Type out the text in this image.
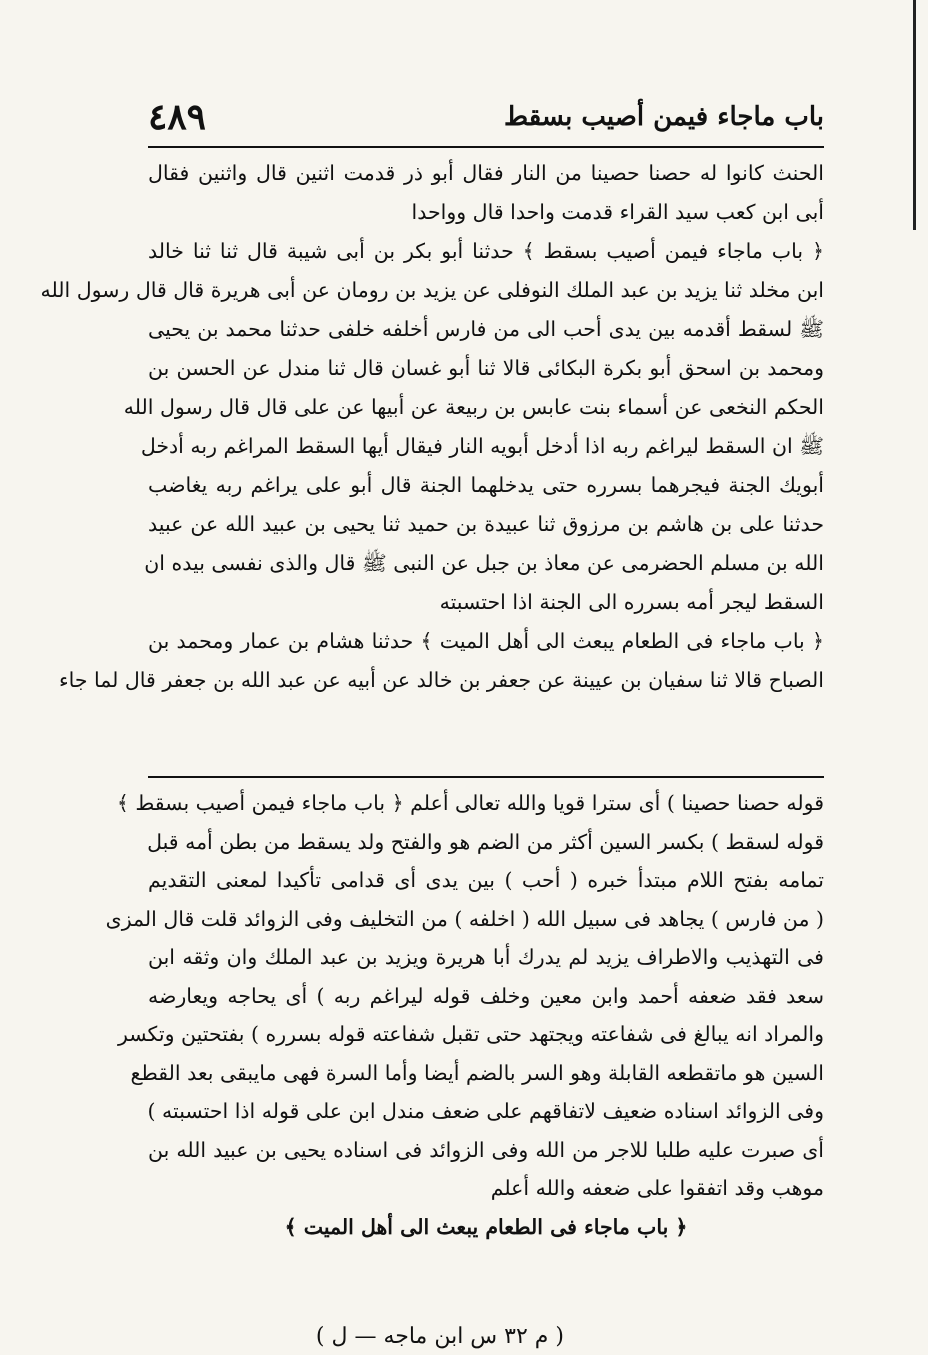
باب ماجاء فيمن أصيب بسقط
٤٨٩
الحنث كانوا له حصنا حصينا من النار فقال أبو ذر قدمت اثنين قال واثنين فقال
أبى ابن كعب سيد القراء قدمت واحدا قال وواحدا
﴿ باب ماجاء فيمن أصيب بسقط ﴾ حدثنا أبو بكر بن أبى شيبة قال ثنا ثنا خالد
ابن مخلد ثنا يزيد بن عبد الملك النوفلى عن يزيد بن رومان عن أبى هريرة قال قال رسول الله
ﷺ لسقط أقدمه بين يدى أحب الى من فارس أخلفه خلفى حدثنا محمد بن يحيى
ومحمد بن اسحق أبو بكرة البكائى قالا ثنا أبو غسان قال ثنا مندل عن الحسن بن
الحكم النخعى عن أسماء بنت عابس بن ربيعة عن أبيها عن على قال قال رسول الله
ﷺ ان السقط ليراغم ربه اذا أدخل أبويه النار فيقال أيها السقط المراغم ربه أدخل
أبويك الجنة فيجرهما بسرره حتى يدخلهما الجنة قال أبو على يراغم ربه يغاضب
حدثنا على بن هاشم بن مرزوق ثنا عبيدة بن حميد ثنا يحيى بن عبيد الله عن عبيد
الله بن مسلم الحضرمى عن معاذ بن جبل عن النبى ﷺ قال والذى نفسى بيده ان
السقط ليجر أمه بسرره الى الجنة اذا احتسبته
﴿ باب ماجاء فى الطعام يبعث الى أهل الميت ﴾ حدثنا هشام بن عمار ومحمد بن
الصباح قالا ثنا سفيان بن عيينة عن جعفر بن خالد عن أبيه عن عبد الله بن جعفر قال لما جاء
قوله حصنا حصينا ) أى سترا قويا والله تعالى أعلم ﴿ باب ماجاء فيمن أصيب بسقط ﴾
قوله لسقط ) بكسر السين أكثر من الضم هو والفتح ولد يسقط من بطن أمه قبل
تمامه بفتح اللام مبتدأ خبره ( أحب ) بين يدى أى قدامى تأكيدا لمعنى التقديم
( من فارس ) يجاهد فى سبيل الله ( اخلفه ) من التخليف وفى الزوائد قلت قال المزى
فى التهذيب والاطراف يزيد لم يدرك أبا هريرة ويزيد بن عبد الملك وان وثقه ابن
سعد فقد ضعفه أحمد وابن معين وخلف قوله ليراغم ربه ) أى يحاجه ويعارضه
والمراد انه يبالغ فى شفاعته ويجتهد حتى تقبل شفاعته قوله بسرره ) بفتحتين وتكسر
السين هو ماتقطعه القابلة وهو السر بالضم أيضا وأما السرة فهى مايبقى بعد القطع
وفى الزوائد اسناده ضعيف لاتفاقهم على ضعف مندل ابن على قوله اذا احتسبته )
أى صبرت عليه طلبا للاجر من الله وفى الزوائد فى اسناده يحيى بن عبيد الله بن
موهب وقد اتفقوا على ضعفه والله أعلم
﴿ باب ماجاء فى الطعام يبعث الى أهل الميت ﴾
( م ٣٢ س ابن ماجه — ل )
